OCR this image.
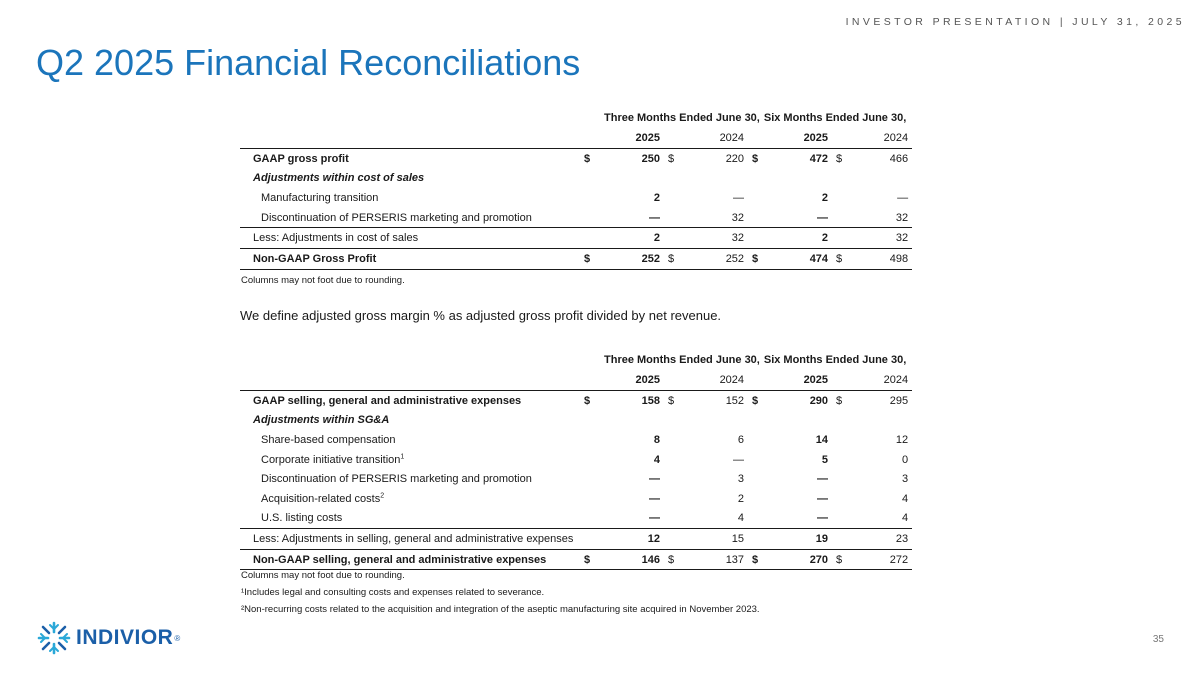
INVESTOR PRESENTATION | JULY 31, 2025
Q2 2025 Financial Reconciliations
	Three Months Ended June 30,				Six Months Ended June 30,			
		2025		2024		2025		2024
GAAP gross profit	$	250	$	220	$	472	$	466
Adjustments within cost of sales								
Manufacturing transition		2		—		2		—
Discontinuation of PERSERIS marketing and promotion		—		32		—		32
Less: Adjustments in cost of sales		2		32		2		32
Non-GAAP Gross Profit	$	252	$	252	$	474	$	498
Columns may not foot due to rounding.
We define adjusted gross margin % as adjusted gross profit divided by net revenue.
	Three Months Ended June 30,				Six Months Ended June 30,			
		2025		2024		2025		2024
GAAP selling, general and administrative expenses	$	158	$	152	$	290	$	295
Adjustments within SG&A								
Share-based compensation		8		6		14		12
Corporate initiative transition$^1$		4		—		5		0
Discontinuation of PERSERIS marketing and promotion		—		3		—		3
Acquisition-related costs$^2$		—		2		—		4
U.S. listing costs		—		4		—		4
Less: Adjustments in selling, general and administrative expenses		12		15		19		23
Non-GAAP selling, general and administrative expenses	$	146	$	137	$	270	$	272
Columns may not foot due to rounding.
¹Includes legal and consulting costs and expenses related to severance.
²Non-recurring costs related to the acquisition and integration of the aseptic manufacturing site acquired in November 2023.
INDIVIOR ®	35
